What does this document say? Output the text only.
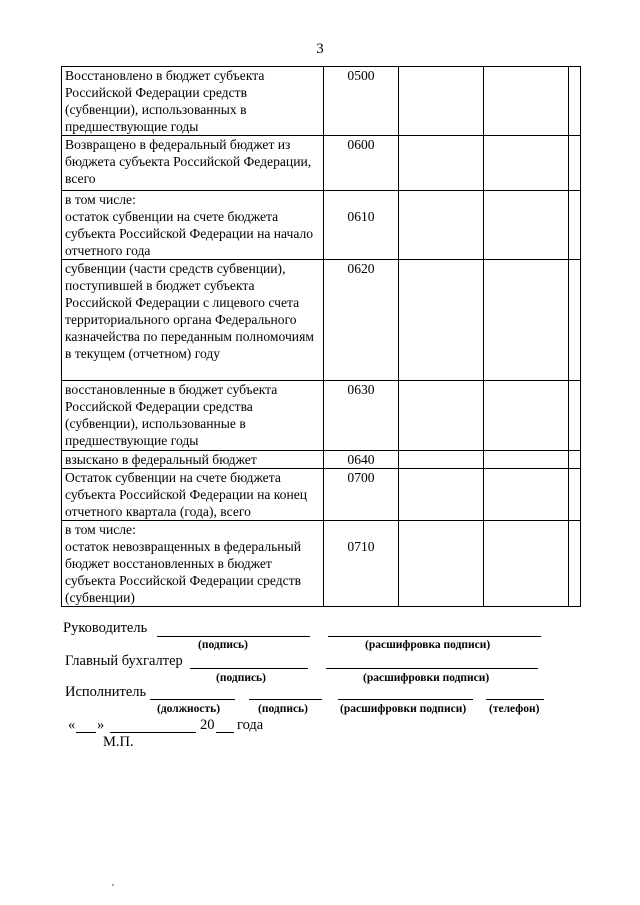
3
Восстановлено в бюджет субъекта Российской Федерации средств (субвенции), использованных в предшествующие годы	0500			
Возвращено в федеральный бюджет из бюджета субъекта Российской Федерации, всего	0600			
в том числе:
остаток субвенции на счете бюджета субъекта Российской Федерации на начало отчетного года	0610			
субвенции (части средств субвенции), поступившей в бюджет субъекта Российской Федерации с лицевого счета территориального органа Федерального казначейства по переданным полномочиям в текущем (отчетном) году	0620			
восстановленные в бюджет субъекта Российской Федерации средства (субвенции), использованные в предшествующие годы	0630			
взыскано в федеральный бюджет	0640			
Остаток субвенции на счете бюджета субъекта Российской Федерации на конец отчетного квартала (года), всего	0700			
в том числе:
остаток невозвращенных в федеральный бюджет восстановленных в бюджет субъекта Российской Федерации средств (субвенции)	0710			
Руководитель
(подпись)	(расшифровка подписи)
Главный бухгалтер
(подпись)	(расшифровки подписи)
Исполнитель
(должность)	(подпись)	(расшифровки подписи) (телефон)
« »	20 года
М.П.
